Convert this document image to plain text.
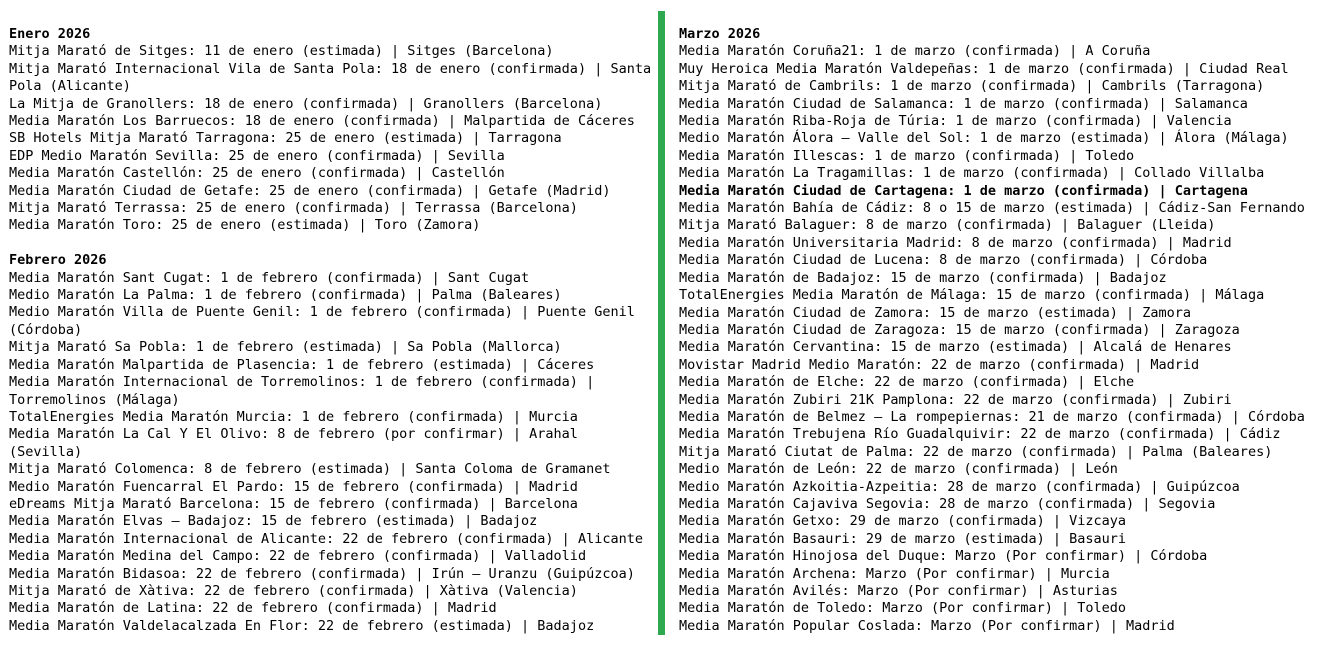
Enero 2026
Mitja Marató de Sitges: 11 de enero (estimada) | Sitges (Barcelona)
Mitja Marató Internacional Vila de Santa Pola: 18 de enero (confirmada) | Santa Pola (Alicante)
La Mitja de Granollers: 18 de enero (confirmada) | Granollers (Barcelona)
Media Maratón Los Barruecos: 18 de enero (confirmada) | Malpartida de Cáceres
SB Hotels Mitja Marató Tarragona: 25 de enero (estimada) | Tarragona
EDP Medio Maratón Sevilla: 25 de enero (confirmada) | Sevilla
Media Maratón Castellón: 25 de enero (confirmada) | Castellón
Media Maratón Ciudad de Getafe: 25 de enero (confirmada) | Getafe (Madrid)
Mitja Marató Terrassa: 25 de enero (confirmada) | Terrassa (Barcelona)
Media Maratón Toro: 25 de enero (estimada) | Toro (Zamora)
Febrero 2026
Media Maratón Sant Cugat: 1 de febrero (confirmada) | Sant Cugat
Medio Maratón La Palma: 1 de febrero (confirmada) | Palma (Baleares)
Medio Maratón Villa de Puente Genil: 1 de febrero (confirmada) | Puente Genil (Córdoba)
Mitja Marató Sa Pobla: 1 de febrero (estimada) | Sa Pobla (Mallorca)
Media Maratón Malpartida de Plasencia: 1 de febrero (estimada) | Cáceres
Media Maratón Internacional de Torremolinos: 1 de febrero (confirmada) | Torremolinos (Málaga)
TotalEnergies Media Maratón Murcia: 1 de febrero (confirmada) | Murcia
Media Maratón La Cal Y El Olivo: 8 de febrero (por confirmar) | Arahal (Sevilla)
Mitja Marató Colomenca: 8 de febrero (estimada) | Santa Coloma de Gramanet
Medio Maratón Fuencarral El Pardo: 15 de febrero (confirmada) | Madrid
eDreams Mitja Marató Barcelona: 15 de febrero (confirmada) | Barcelona
Media Maratón Elvas – Badajoz: 15 de febrero (estimada) | Badajoz
Media Maratón Internacional de Alicante: 22 de febrero (confirmada) | Alicante
Media Maratón Medina del Campo: 22 de febrero (confirmada) | Valladolid
Media Maratón Bidasoa: 22 de febrero (confirmada) | Irún – Uranzu (Guipúzcoa)
Mitja Marató de Xàtiva: 22 de febrero (confirmada) | Xàtiva (Valencia)
Media Maratón de Latina: 22 de febrero (confirmada) | Madrid
Media Maratón Valdelacalzada En Flor: 22 de febrero (estimada) | Badajoz
Marzo 2026
Media Maratón Coruña21: 1 de marzo (confirmada) | A Coruña
Muy Heroica Media Maratón Valdepeñas: 1 de marzo (confirmada) | Ciudad Real
Mitja Marató de Cambrils: 1 de marzo (confirmada) | Cambrils (Tarragona)
Media Maratón Ciudad de Salamanca: 1 de marzo (confirmada) | Salamanca
Media Maratón Riba-Roja de Túria: 1 de marzo (confirmada) | Valencia
Medio Maratón Álora – Valle del Sol: 1 de marzo (estimada) | Álora (Málaga)
Media Maratón Illescas: 1 de marzo (confirmada) | Toledo
Media Maratón La Tragamillas: 1 de marzo (confirmada) | Collado Villalba
Media Maratón Ciudad de Cartagena: 1 de marzo (confirmada) | Cartagena
Media Maratón Bahía de Cádiz: 8 o 15 de marzo (estimada) | Cádiz-San Fernando
Mitja Marató Balaguer: 8 de marzo (confirmada) | Balaguer (Lleida)
Media Maratón Universitaria Madrid: 8 de marzo (confirmada) | Madrid
Media Maratón Ciudad de Lucena: 8 de marzo (confirmada) | Córdoba
Media Maratón de Badajoz: 15 de marzo (confirmada) | Badajoz
TotalEnergies Media Maratón de Málaga: 15 de marzo (confirmada) | Málaga
Media Maratón Ciudad de Zamora: 15 de marzo (estimada) | Zamora
Media Maratón Ciudad de Zaragoza: 15 de marzo (confirmada) | Zaragoza
Media Maratón Cervantina: 15 de marzo (estimada) | Alcalá de Henares
Movistar Madrid Medio Maratón: 22 de marzo (confirmada) | Madrid
Media Maratón de Elche: 22 de marzo (confirmada) | Elche
Media Maratón Zubiri 21K Pamplona: 22 de marzo (confirmada) | Zubiri
Media Maratón de Belmez – La rompepiernas: 21 de marzo (confirmada) | Córdoba
Media Maratón Trebujena Río Guadalquivir: 22 de marzo (confirmada) | Cádiz
Mitja Marató Ciutat de Palma: 22 de marzo (confirmada) | Palma (Baleares)
Medio Maratón de León: 22 de marzo (confirmada) | León
Medio Maratón Azkoitia-Azpeitia: 28 de marzo (confirmada) | Guipúzcoa
Media Maratón Cajaviva Segovia: 28 de marzo (confirmada) | Segovia
Media Maratón Getxo: 29 de marzo (confirmada) | Vizcaya
Media Maratón Basauri: 29 de marzo (estimada) | Basauri
Media Maratón Hinojosa del Duque: Marzo (Por confirmar) | Córdoba
Media Maratón Archena: Marzo (Por confirmar) | Murcia
Media Maratón Avilés: Marzo (Por confirmar) | Asturias
Media Maratón de Toledo: Marzo (Por confirmar) | Toledo
Media Maratón Popular Coslada: Marzo (Por confirmar) | Madrid
